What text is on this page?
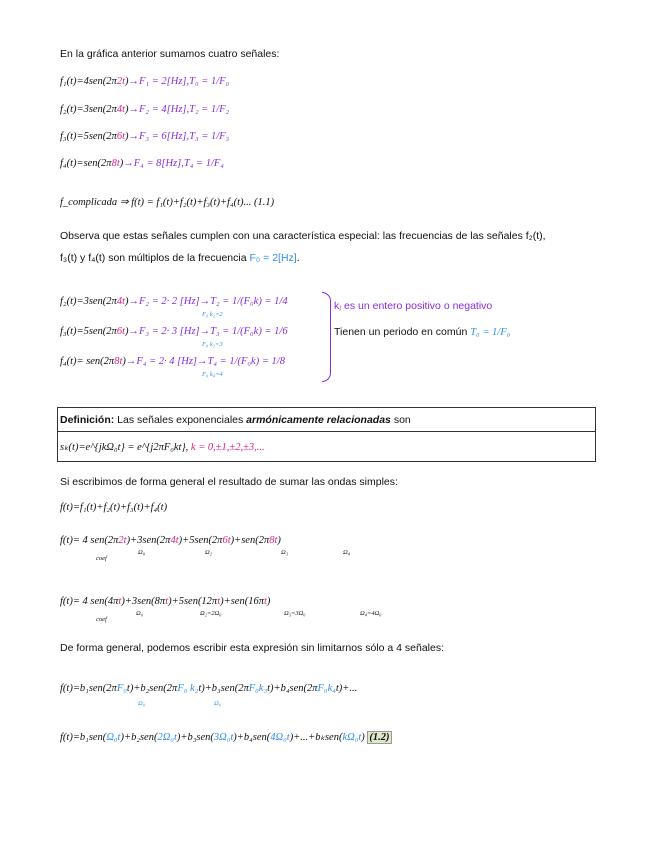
En la gráfica anterior sumamos cuatro señales:
f₁(t)=4sen(2π2t)→F₁ = 2[Hz],T₀ = 1/F₀
f₂(t)=3sen(2π4t)→F₂ = 4[Hz],T₂ = 1/F₂
f₃(t)=5sen(2π6t)→F₃ = 6[Hz],T₃ = 1/F₃
f₄(t)=sen(2π8t)→F₄ = 8[Hz],T₄ = 1/F₄
f_complicada ⇒ f(t) = f₁(t)+f₂(t)+f₃(t)+f₄(t)... (1.1)
Observa que estas señales cumplen con una característica especial: las frecuencias de las señales f₂(t),
f₃(t) y f₄(t) son múltiplos de la frecuencia F₀ = 2[Hz].
f₂(t)=3sen(2π4t)→F₂ = 2· 2 [Hz]→T₂ = 1/(F₀k) = 1/4
F₀ k₂=2
f₃(t)=5sen(2π6t)→F₃ = 2· 3 [Hz]→T₃ = 1/(F₀k) = 1/6
F₀ k₃=3
f₄(t)= sen(2π8t)→F₄ = 2· 4 [Hz]→T₄ = 1/(F₀k) = 1/8
F₀ k₄=4
kⱼ es un entero positivo o negativo
Tienen un periodo en común T₀ = 1/F₀
Definición: Las señales exponenciales armónicamente relacionadas son
sₖ(t)=e^{jkΩ₀t} = e^{j2πF₀kt}, k = 0,±1,±2,±3,...
Si escribimos de forma general el resultado de sumar las ondas simples:
f(t)=f₁(t)+f₂(t)+f₃(t)+f₄(t)
f(t)= 4 sen(2π2t)+3sen(2π4t)+5sen(2π6t)+sen(2π8t)
coef
Ω₀	Ω₂	Ω₃	Ω₄
f(t)= 4 sen(4πt)+3sen(8πt)+5sen(12πt)+sen(16πt)
coef
Ω₀	Ω₂=2Ω₀	Ω₃=3Ω₀	Ω₄=4Ω₀
De forma general, podemos escribir esta expresión sin limitarnos sólo a 4 señales:
f(t)=b₁sen(2πF₀t)+b₂sen(2πF₀ k₂t)+b₃sen(2πF₀k₃t)+b₄sen(2πF₀k₄t)+...
Ω₀	Ω₀
f(t)=b₁sen(Ω₀t)+b₂sen(2Ω₀t)+b₃sen(3Ω₀t)+b₄sen(4Ω₀t)+...+bₖsen(kΩ₀t) (1.2)
